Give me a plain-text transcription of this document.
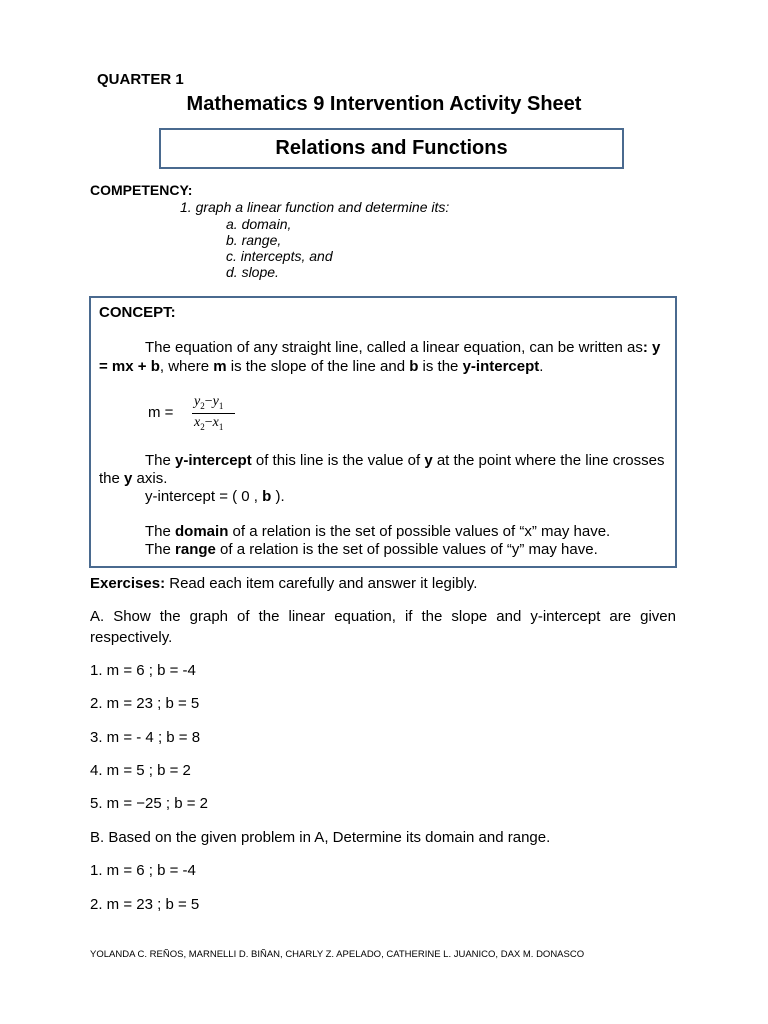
QUARTER 1
Mathematics 9 Intervention Activity Sheet
Relations and Functions
COMPETENCY:
1. graph a linear function and determine its:
a. domain,
b. range,
c. intercepts, and
d. slope.
CONCEPT:
The equation of any straight line, called a linear equation, can be written as: y
= mx + b, where m is the slope of the line and b is the y-intercept.
m =
$y_2-y_1$
$x_2-x_1$
The y-intercept of this line is the value of y at the point where the line crosses
the y axis.
y-intercept = ( 0 , b ).
The domain of a relation is the set of possible values of “x” may have.
The range of a relation is the set of possible values of “y” may have.
Exercises: Read each item carefully and answer it legibly.
A. Show the graph of the linear equation, if the slope and y-intercept are given
respectively.
1. m = 6 ; b = -4
2. m = 23 ; b = 5
3. m = - 4 ; b = 8
4. m = 5 ; b = 2
5. m = −25 ; b = 2
B. Based on the given problem in A, Determine its domain and range.
1. m = 6 ; b = -4
2. m = 23 ; b = 5
YOLANDA C. REÑOS, MARNELLI D. BIÑAN, CHARLY Z. APELADO, CATHERINE L. JUANICO, DAX M. DONASCO
